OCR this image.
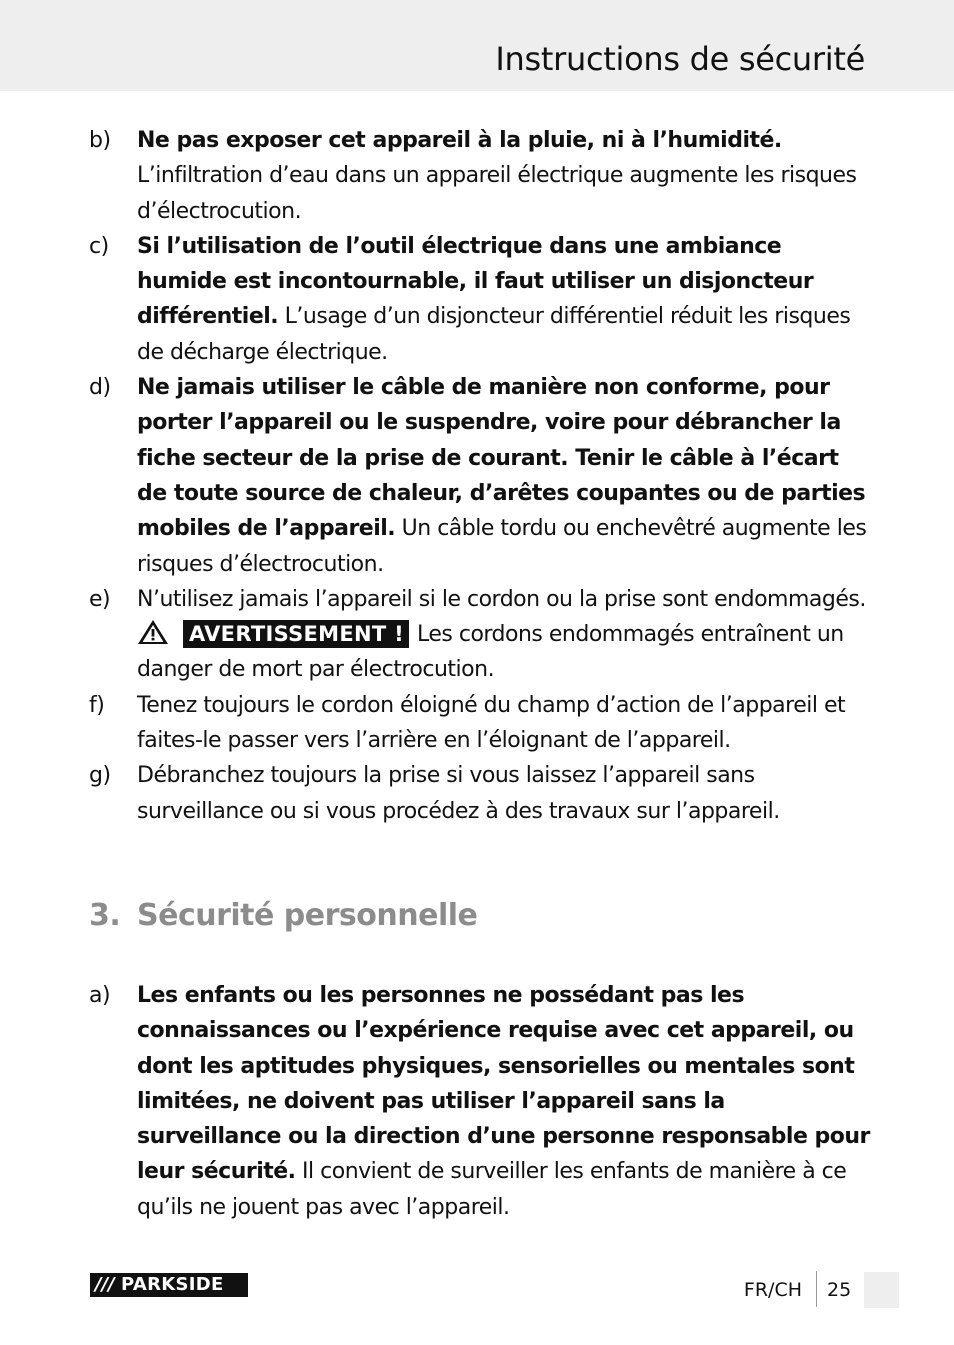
Instructions de sécurité
b) Ne pas exposer cet appareil à la pluie, ni à l’humidité. L’infiltration d’eau dans un appareil électrique augmente les risques d’électrocution.
c) Si l’utilisation de l’outil électrique dans une ambiance humide est incontournable, il faut utiliser un disjoncteur différentiel. L’usage d’un disjoncteur différentiel réduit les risques de décharge électrique.
d) Ne jamais utiliser le câble de manière non conforme, pour porter l’appareil ou le suspendre, voire pour débrancher la fiche secteur de la prise de courant. Tenir le câble à l’écart de toute source de chaleur, d’arêtes coupantes ou de parties mobiles de l’appareil. Un câble tordu ou enchevêtré augmente les risques d’électrocution.
e) N’utilisez jamais l’appareil si le cordon ou la prise sont endommagés.

AVERTISSEMENT ! Les cordons endommagés entraînent un danger de mort par électrocution.
f) Tenez toujours le cordon éloigné du champ d’action de l’appareil et faites-le passer vers l’arrière en l’éloignant de l’appareil.
g) Débranchez toujours la prise si vous laissez l’appareil sans surveillance ou si vous procédez à des travaux sur l’appareil.
3. Sécurité personnelle
a) Les enfants ou les personnes ne possédant pas les connaissances ou l’expérience requise avec cet appareil, ou dont les aptitudes physiques, sensorielles ou mentales sont limitées, ne doivent pas utiliser l’appareil sans la surveillance ou la direction d’une personne responsable pour leur sécurité. Il convient de surveiller les enfants de manière à ce qu’ils ne jouent pas avec l’appareil.
/// PARKSIDE	FR/CH 25
